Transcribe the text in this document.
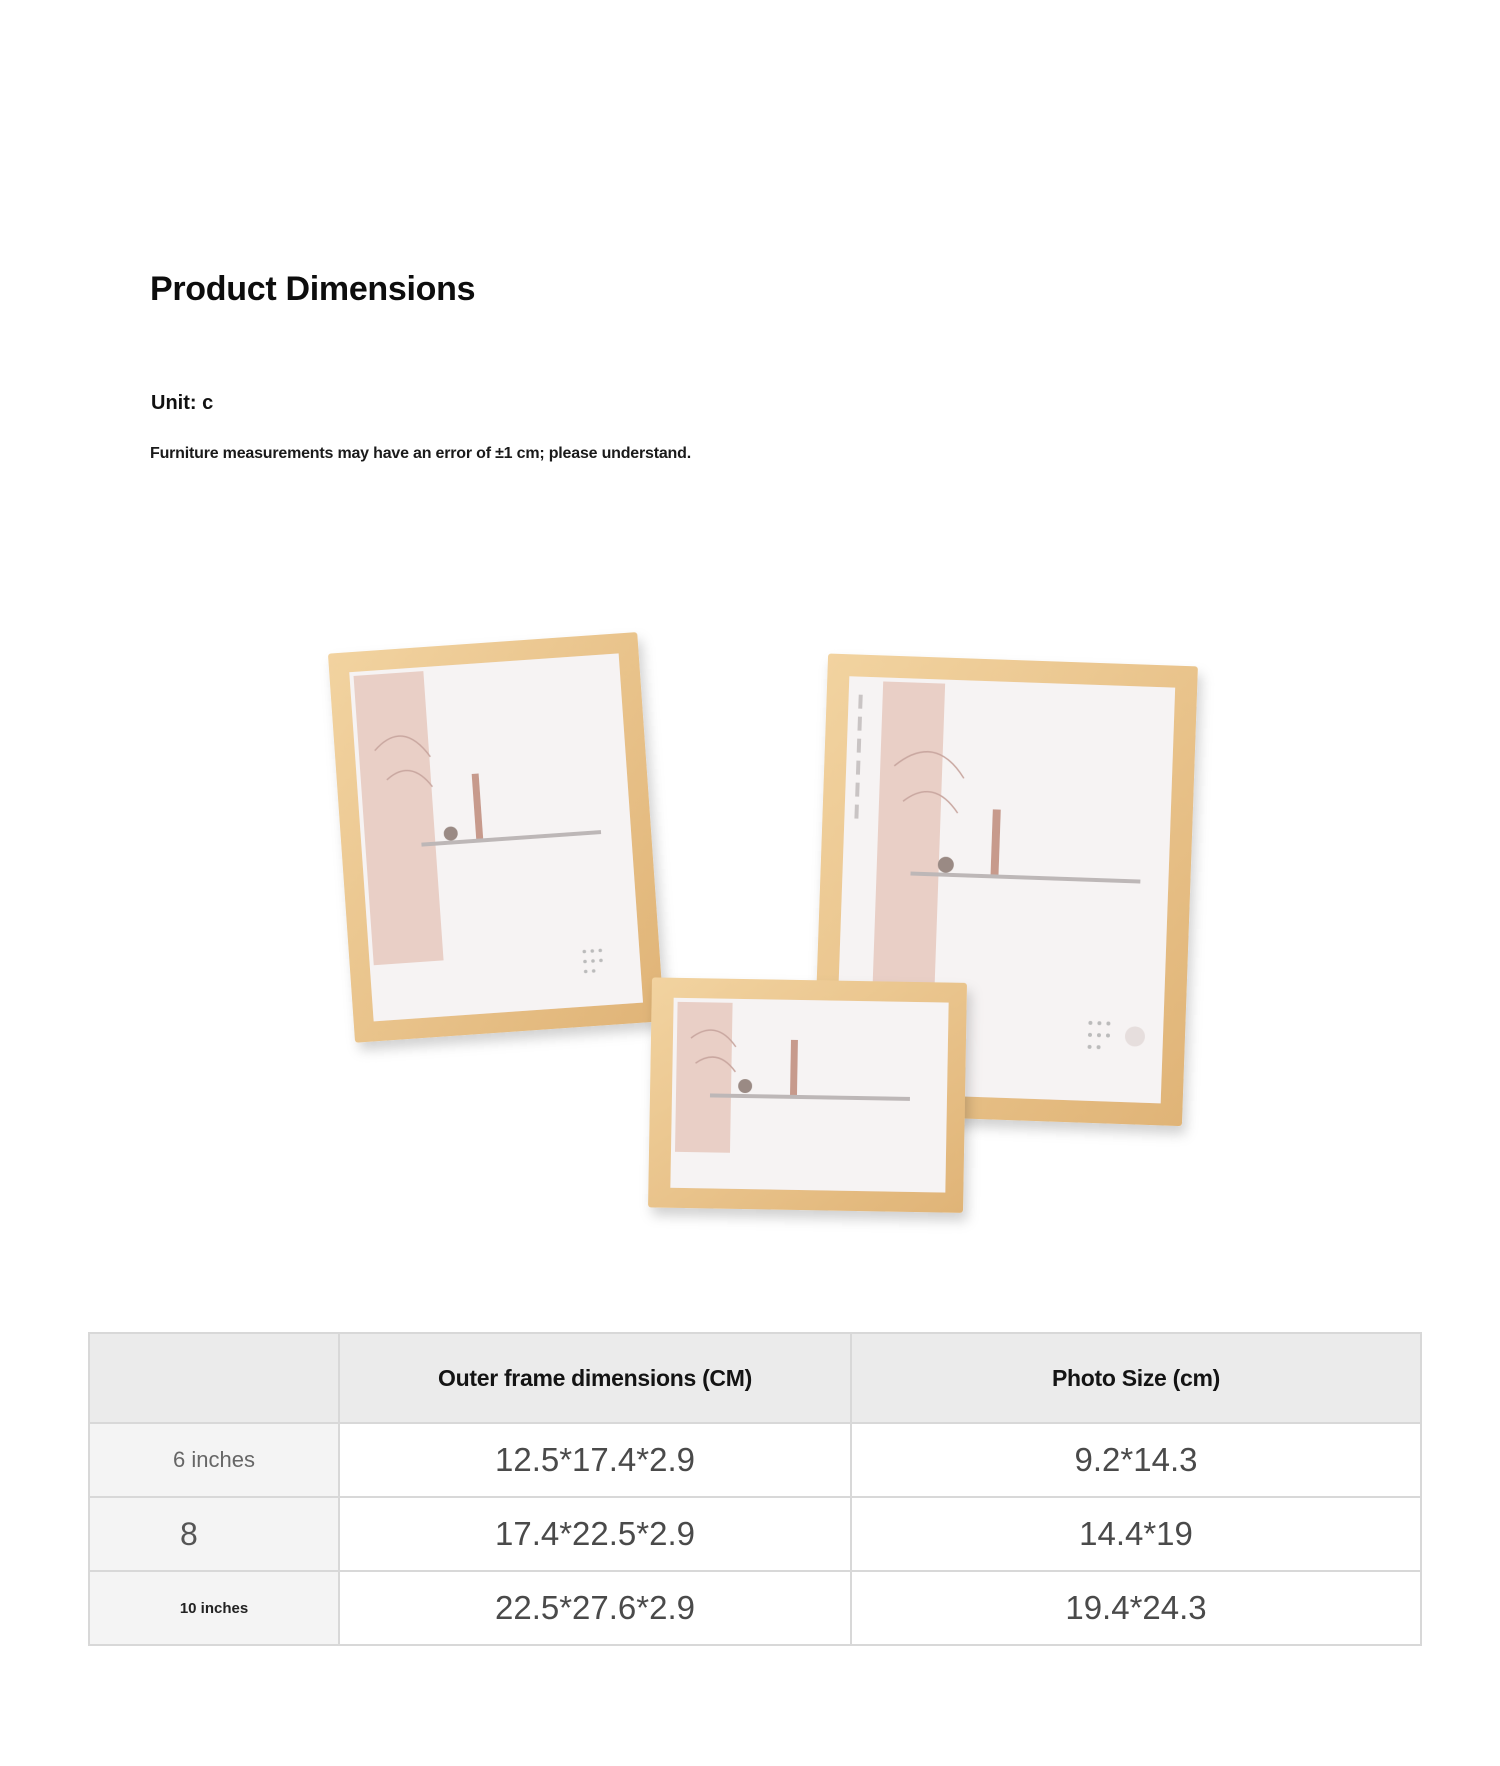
Product Dimensions

Unit: c

Furniture measurements may have an error of ±1 cm; please understand.

	Outer frame dimensions (CM)	Photo Size (cm)
6 inches	12.5*17.4*2.9	9.2*14.3
8	17.4*22.5*2.9	14.4*19
10 inches	22.5*27.6*2.9	19.4*24.3
